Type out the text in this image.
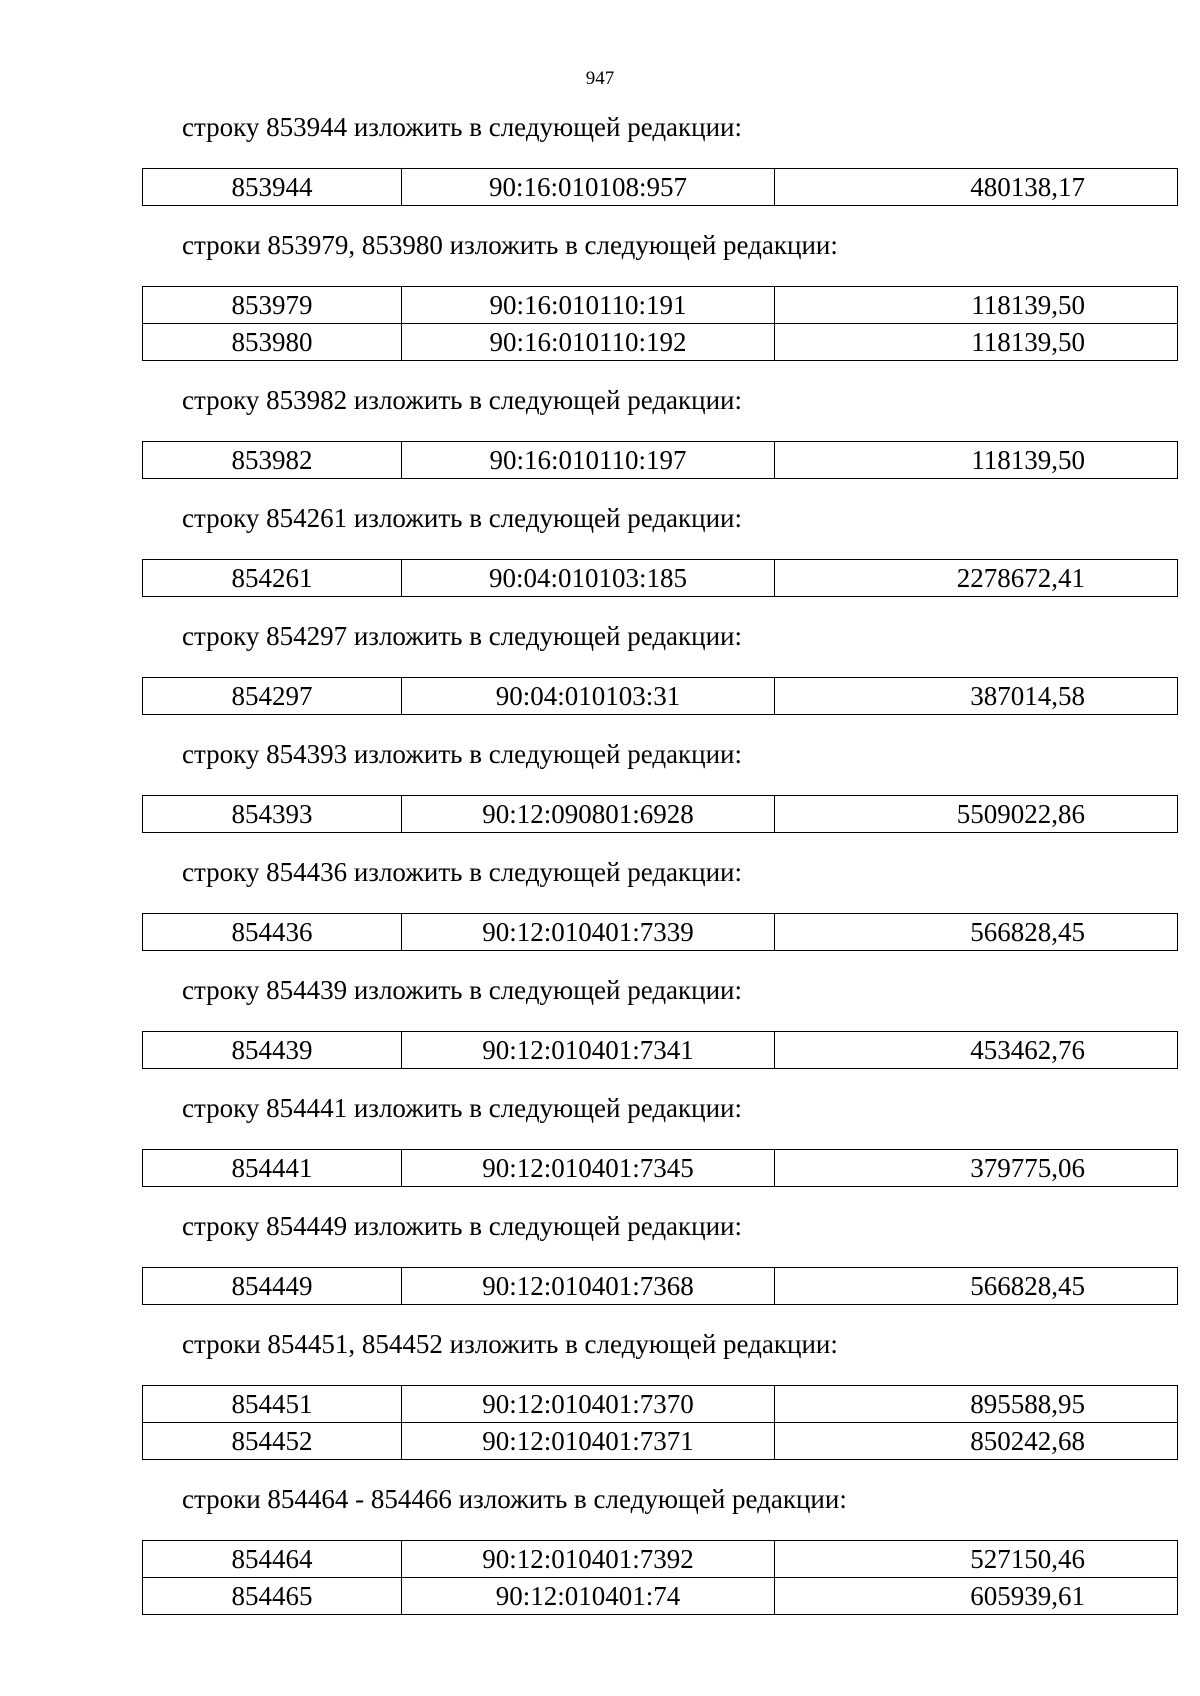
947
строку 853944 изложить в следующей редакции:
853944	90:16:010108:957	480138,17
строки 853979, 853980 изложить в следующей редакции:
853979	90:16:010110:191	118139,50
853980	90:16:010110:192	118139,50
строку 853982 изложить в следующей редакции:
853982	90:16:010110:197	118139,50
строку 854261 изложить в следующей редакции:
854261	90:04:010103:185	2278672,41
строку 854297 изложить в следующей редакции:
854297	90:04:010103:31	387014,58
строку 854393 изложить в следующей редакции:
854393	90:12:090801:6928	5509022,86
строку 854436 изложить в следующей редакции:
854436	90:12:010401:7339	566828,45
строку 854439 изложить в следующей редакции:
854439	90:12:010401:7341	453462,76
строку 854441 изложить в следующей редакции:
854441	90:12:010401:7345	379775,06
строку 854449 изложить в следующей редакции:
854449	90:12:010401:7368	566828,45
строки 854451, 854452 изложить в следующей редакции:
854451	90:12:010401:7370	895588,95
854452	90:12:010401:7371	850242,68
строки 854464 - 854466 изложить в следующей редакции:
854464	90:12:010401:7392	527150,46
854465	90:12:010401:74	605939,61
